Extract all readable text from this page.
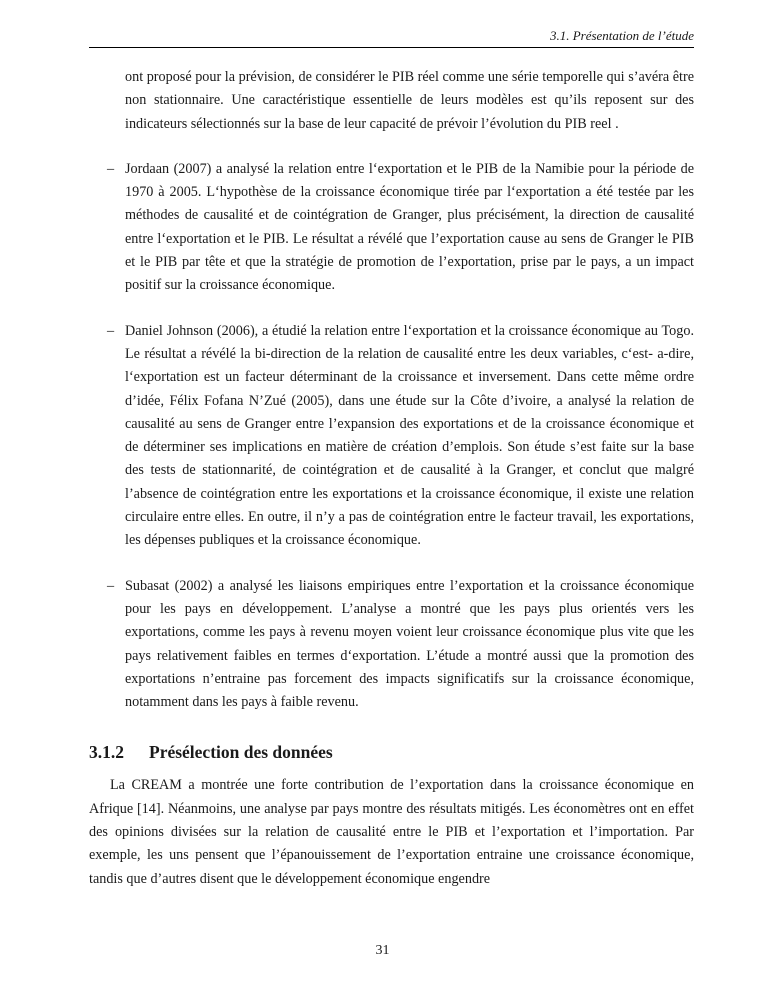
3.1. Présentation de l’étude

ont proposé pour la prévision, de considérer le PIB réel comme une série temporelle qui s’avéra être non stationnaire. Une caractéristique essentielle de leurs modèles est qu’ils reposent sur des indicateurs sélectionnés sur la base de leur capacité de prévoir l’évolution du PIB reel .

– Jordaan (2007) a analysé la relation entre l‘exportation et le PIB de la Namibie pour la période de 1970 à 2005. L‘hypothèse de la croissance économique tirée par l‘exportation a été testée par les méthodes de causalité et de cointégration de Granger, plus précisément, la direction de causalité entre l‘exportation et le PIB. Le résultat a révélé que l’exportation cause au sens de Granger le PIB et le PIB par tête et que la stratégie de promotion de l’exportation, prise par le pays, a un impact positif sur la croissance économique.
– Daniel Johnson (2006), a étudié la relation entre l‘exportation et la croissance économique au Togo. Le résultat a révélé la bi-direction de la relation de causalité entre les deux variables, c‘est- a-dire, l‘exportation est un facteur déterminant de la croissance et inversement. Dans cette même ordre d’idée, Félix Fofana N’Zué (2005), dans une étude sur la Côte d’ivoire, a analysé la relation de causalité au sens de Granger entre l’expansion des exportations et de la croissance économique et de déterminer ses implications en matière de création d’emplois. Son étude s’est faite sur la base des tests de stationnarité, de cointégration et de causalité à la Granger, et conclut que malgré l’absence de cointégration entre les exportations et la croissance économique, il existe une relation circulaire entre elles. En outre, il n’y a pas de cointégration entre le facteur travail, les exportations, les dépenses publiques et la croissance économique.
– Subasat (2002) a analysé les liaisons empiriques entre l’exportation et la croissance économique pour les pays en développement. L’analyse a montré que les pays plus orientés vers les exportations, comme les pays à revenu moyen voient leur croissance économique plus vite que les pays relativement faibles en termes d‘exportation. L’étude a montré aussi que la promotion des exportations n’entraine pas forcement des impacts significatifs sur la croissance économique, notamment dans les pays à faible revenu.
3.1.2 Présélection des données

La CREAM a montrée une forte contribution de l’exportation dans la croissance économique en Afrique [14]. Néanmoins, une analyse par pays montre des résultats mitigés. Les économètres ont en effet des opinions divisées sur la relation de causalité entre le PIB et l’exportation et l’importation. Par exemple, les uns pensent que l’épanouissement de l’exportation entraine une croissance économique, tandis que d’autres disent que le développement économique engendre

31
